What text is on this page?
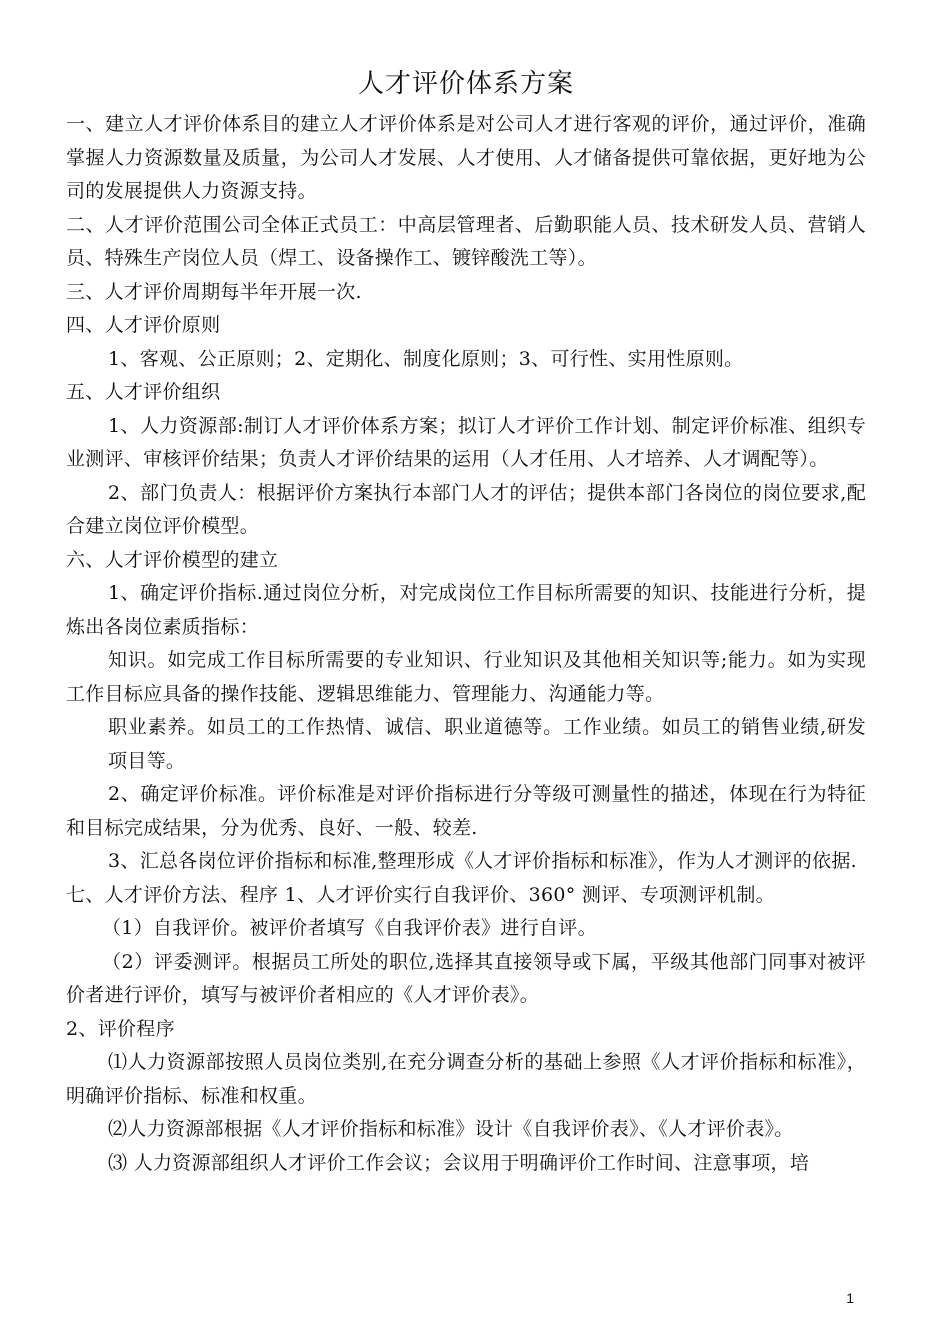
人才评价体系方案

一、建立人才评价体系目的建立人才评价体系是对公司人才进行客观的评价，通过评价，准确掌握人力资源数量及质量，为公司人才发展、人才使用、人才储备提供可靠依据，更好地为公司的发展提供人力资源支持。

二、人才评价范围公司全体正式员工：中高层管理者、后勤职能人员、技术研发人员、营销人员、特殊生产岗位人员（焊工、设备操作工、镀锌酸洗工等）。

三、人才评价周期每半年开展一次.

四、人才评价原则

1、客观、公正原则；2、定期化、制度化原则；3、可行性、实用性原则。

五、人才评价组织

1、人力资源部:制订人才评价体系方案；拟订人才评价工作计划、制定评价标准、组织专业测评、审核评价结果；负责人才评价结果的运用（人才任用、人才培养、人才调配等）。

2、部门负责人：根据评价方案执行本部门人才的评估；提供本部门各岗位的岗位要求,配合建立岗位评价模型。

六、人才评价模型的建立

1、确定评价指标.通过岗位分析，对完成岗位工作目标所需要的知识、技能进行分析，提炼出各岗位素质指标：

知识。如完成工作目标所需要的专业知识、行业知识及其他相关知识等;能力。如为实现工作目标应具备的操作技能、逻辑思维能力、管理能力、沟通能力等。

职业素养。如员工的工作热情、诚信、职业道德等。工作业绩。如员工的销售业绩,研发项目等。

2、确定评价标准。评价标准是对评价指标进行分等级可测量性的描述，体现在行为特征和目标完成结果，分为优秀、良好、一般、较差.

3、汇总各岗位评价指标和标准,整理形成《人才评价指标和标准》，作为人才测评的依据.

七、人才评价方法、程序 1、人才评价实行自我评价、360° 测评、专项测评机制。

（1）自我评价。被评价者填写《自我评价表》进行自评。

（2）评委测评。根据员工所处的职位,选择其直接领导或下属，平级其他部门同事对被评价者进行评价，填写与被评价者相应的《人才评价表》。

2、评价程序

⑴人力资源部按照人员岗位类别,在充分调查分析的基础上参照《人才评价指标和标准》，明确评价指标、标准和权重。

⑵人力资源部根据《人才评价指标和标准》设计《自我评价表》、《人才评价表》。

⑶ 人力资源部组织人才评价工作会议；会议用于明确评价工作时间、注意事项，培

1
